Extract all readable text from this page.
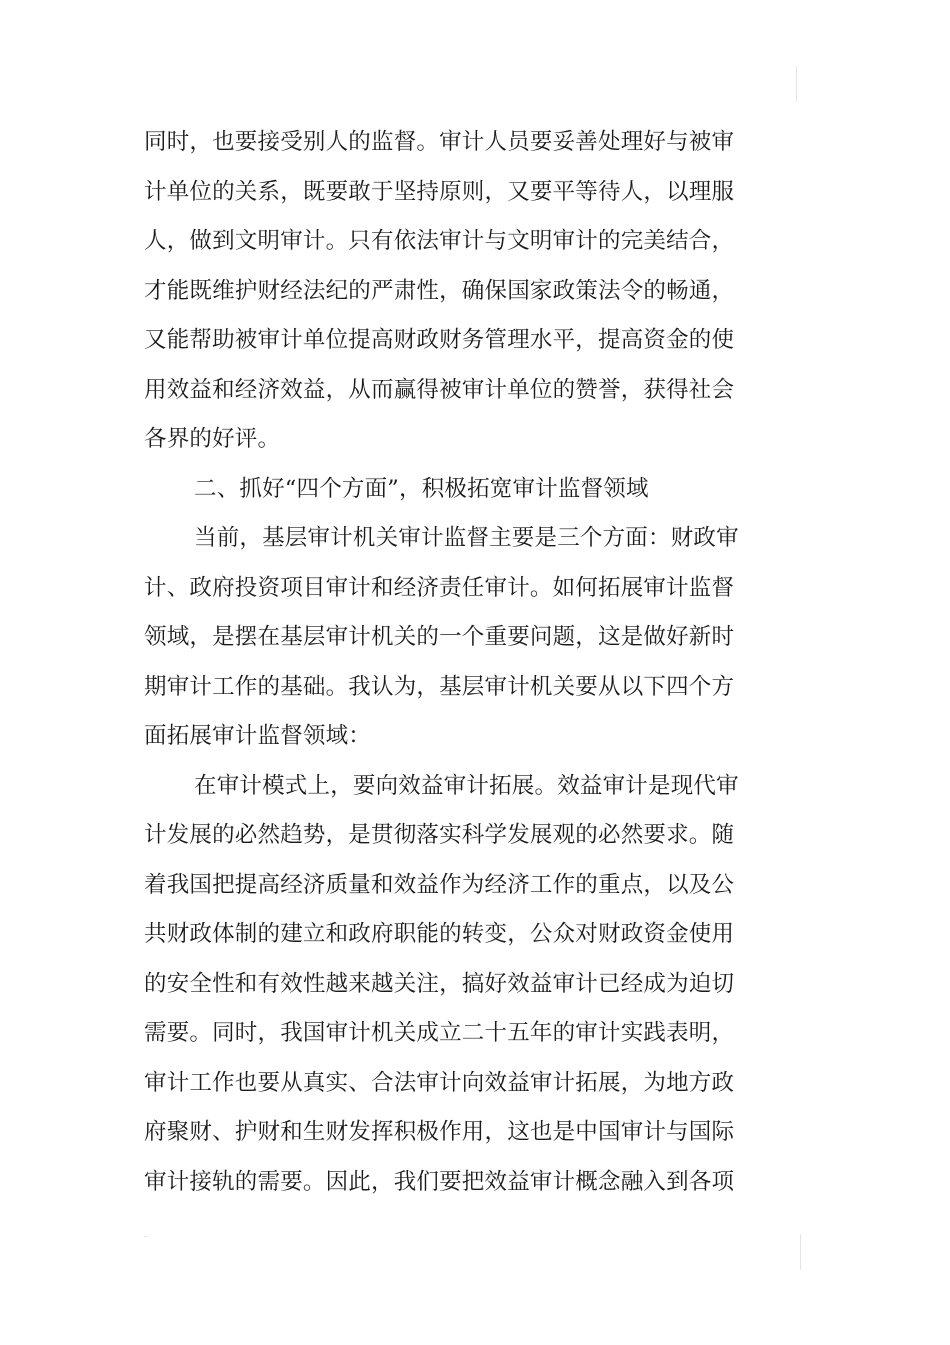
同时，也要接受别人的监督。审计人员要妥善处理好与被审
计单位的关系，既要敢于坚持原则，又要平等待人，以理服
人，做到文明审计。只有依法审计与文明审计的完美结合，
才能既维护财经法纪的严肃性，确保国家政策法令的畅通，
又能帮助被审计单位提高财政财务管理水平，提高资金的使
用效益和经济效益，从而赢得被审计单位的赞誉，获得社会
各界的好评。
二、抓好“四个方面”，积极拓宽审计监督领域
当前，基层审计机关审计监督主要是三个方面：财政审
计、政府投资项目审计和经济责任审计。如何拓展审计监督
领域，是摆在基层审计机关的一个重要问题，这是做好新时
期审计工作的基础。我认为，基层审计机关要从以下四个方
面拓展审计监督领域：
在审计模式上，要向效益审计拓展。效益审计是现代审
计发展的必然趋势，是贯彻落实科学发展观的必然要求。随
着我国把提高经济质量和效益作为经济工作的重点，以及公
共财政体制的建立和政府职能的转变，公众对财政资金使用
的安全性和有效性越来越关注，搞好效益审计已经成为迫切
需要。同时，我国审计机关成立二十五年的审计实践表明，
审计工作也要从真实、合法审计向效益审计拓展，为地方政
府聚财、护财和生财发挥积极作用，这也是中国审计与国际
审计接轨的需要。因此，我们要把效益审计概念融入到各项
